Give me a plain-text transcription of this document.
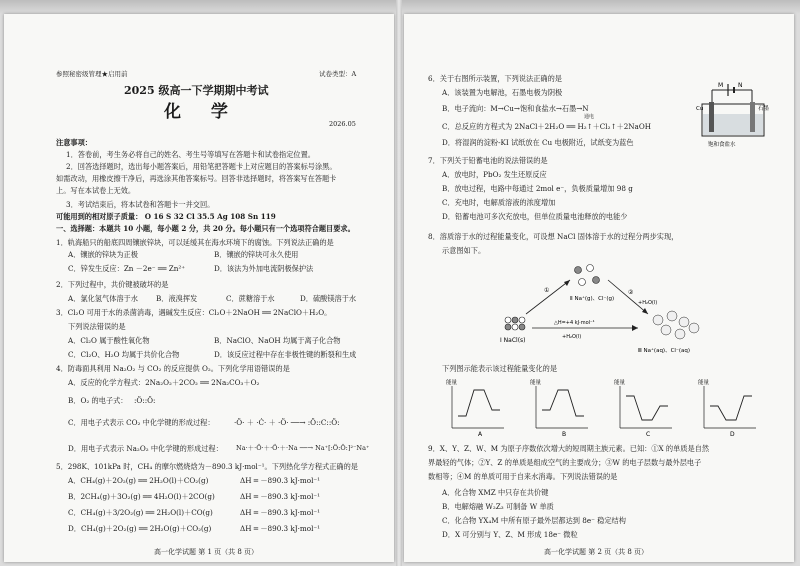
参照秘密级管理★启用前	试卷类型：A
2025 级高一下学期期中考试
化 学
2026.05
注意事项：
1．答卷前，考生务必将自己的姓名、考生号等填写在答题卡和试卷指定位置。
2．回答选择题时，选出每小题答案后，用铅笔把答题卡上对应题目的答案标号涂黑。
如需改动，用橡皮擦干净后，再选涂其他答案标号。回答非选择题时，将答案写在答题卡
上。写在本试卷上无效。
3．考试结束后，将本试卷和答题卡一并交回。
可能用到的相对原子质量： O 16 S 32 Cl 35.5 Ag 108 Sn 119
一、选择题：本题共 10 小题，每小题 2 分，共 20 分。每小题只有一个选项符合题目要求。
1．轨海船只的船底四周镶嵌锌块，可以延缓其在海水环境下的腐蚀。下列说法正确的是
A．镶嵌的锌块为正极	B．镶嵌的锌块可永久使用
C．锌发生反应：Zn －2e⁻ ══ Zn²⁺	D．该法为外加电流阴极保护法
2．下列过程中，共价键被破坏的是
A．氯化氢气体溶于水	B．液溴挥发	C．蔗糖溶于水	D．硫酸镁溶于水
3．Cl₂O 可用于水的杀菌消毒，遇碱发生反应：Cl₂O＋2NaOH ══ 2NaClO＋H₂O。
下列说法错误的是
A．Cl₂O 属于酸性氧化物	B．NaClO、NaOH 均属于离子化合物
C．Cl₂O、H₂O 均属于共价化合物	D．该反应过程中存在非极性键的断裂和生成
4．防毒面具利用 Na₂O₂ 与 CO₂ 的反应提供 O₂。下列化学用语错误的是
A．反应的化学方程式：2Na₂O₂＋2CO₂ ══ 2Na₂CO₃＋O₂
B．O₂ 的电子式： :Ö::Ö:
C．用电子式表示 CO₂ 中化学键的形成过程：	·Ö· ＋ ·Ċ· ＋ ·Ö· ──→ :Ö::C::Ö:
D．用电子式表示 Na₂O₂ 中化学键的形成过程： Na·＋·Ö·＋·Ö·＋·Na ──→ Na⁺[:Ö:Ö:]²⁻Na⁺
5．298K、101kPa 时，CH₄ 的摩尔燃烧焓为－890.3 kJ·mol⁻¹。下列热化学方程式正确的是
A．CH₄(g)＋2O₂(g) ══ 2H₂O(l)＋CO₂(g)	ΔH ═ －890.3 kJ·mol⁻¹
B．2CH₄(g)＋3O₂(g) ══ 4H₂O(l)＋2CO(g)	ΔH ═ －890.3 kJ·mol⁻¹
C．CH₄(g)＋3/2O₂(g) ══ 2H₂O(l)＋CO(g)	ΔH ═ －890.3 kJ·mol⁻¹
D．CH₄(g)＋2O₂(g) ══ 2H₂O(g)＋CO₂(g)	ΔH ═ －890.3 kJ·mol⁻¹
高一化学试题 第 1 页（共 8 页）
6．关于右图所示装置，下列说法正确的是
A．该装置为电解池，石墨电极为阴极
B．电子流向：M→Cu→饱和食盐水→石墨→N
C．总反应的方程式为 2NaCl＋2H₂O ══ H₂↑＋Cl₂↑＋2NaOH
通电
D．将湿润的淀粉-KI 试纸放在 Cu 电极附近，试纸变为蓝色
M N
Cu	石墨
饱和食盐水
7．下列关于铅蓄电池的说法错误的是
A．放电时，PbO₂ 发生还原反应
B．放电过程，电路中每通过 2mol e⁻，负极质量增加 98 g
C．充电时，电解质溶液的浓度增加
D．铅蓄电池可多次充放电，但单位质量电池释放的电能少
8．溶质溶于水的过程能量变化，可设想 NaCl 固体溶于水的过程分两步实现，
示意图如下。
Ⅰ NaCl(s)
Ⅱ Na⁺(g)、Cl⁻(g)
①	②
+H₂O(l)
△H=+4 kJ·mol⁻¹
+H₂O(l)
Ⅲ Na⁺(aq)、Cl⁻(aq)
下列图示能表示该过程能量变化的是
能量
A
能量
B
能量
C
能量
D
9．X、Y、Z、W、M 为原子序数依次增大的短周期主族元素。已知：①X 的单质是自然
界最轻的气体；②Y、Z 的单质是组成空气的主要成分；③W 的电子层数与最外层电子
数相等；④M 的单质可用于自来水消毒。下列说法错误的是
A．化合物 XMZ 中只存在共价键
B．电解熔融 W₂Z₃ 可制备 W 单质
C．化合物 YX₄M 中所有原子最外层都达到 8e⁻ 稳定结构
D．X 可分别与 Y、Z、M 形成 18e⁻ 微粒
高一化学试题 第 2 页（共 8 页）
